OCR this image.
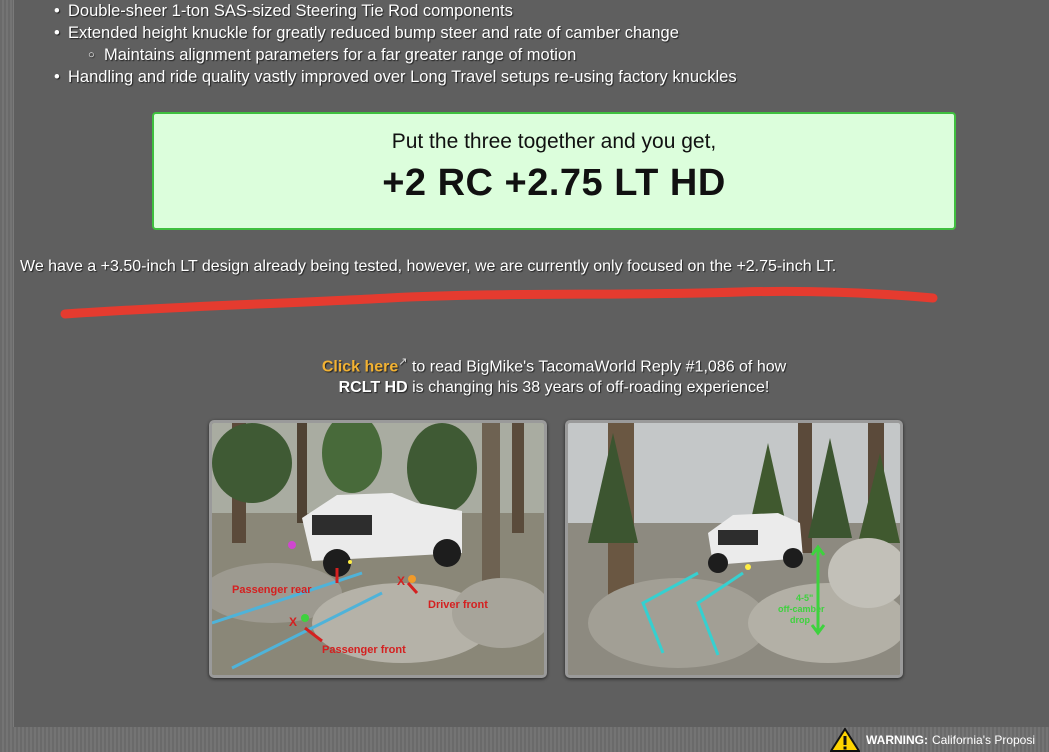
• Double-sheer 1-ton SAS-sized Steering Tie Rod components
• Extended height knuckle for greatly reduced bump steer and rate of camber change
○ Maintains alignment parameters for a far greater range of motion
• Handling and ride quality vastly improved over Long Travel setups re-using factory knuckles
Put the three together and you get,
+2 RC +2.75 LT HD
We have a +3.50-inch LT design already being tested, however, we are currently only focused on the +2.75-inch LT.
Click here↗ to read BigMike's TacomaWorld Reply #1,086 of how
RCLT HD is changing his 38 years of off-roading experience!
Passenger rear
X
Driver front
X
Passenger front
4-5"
off-camber
drop
WARNING: California's Proposi
